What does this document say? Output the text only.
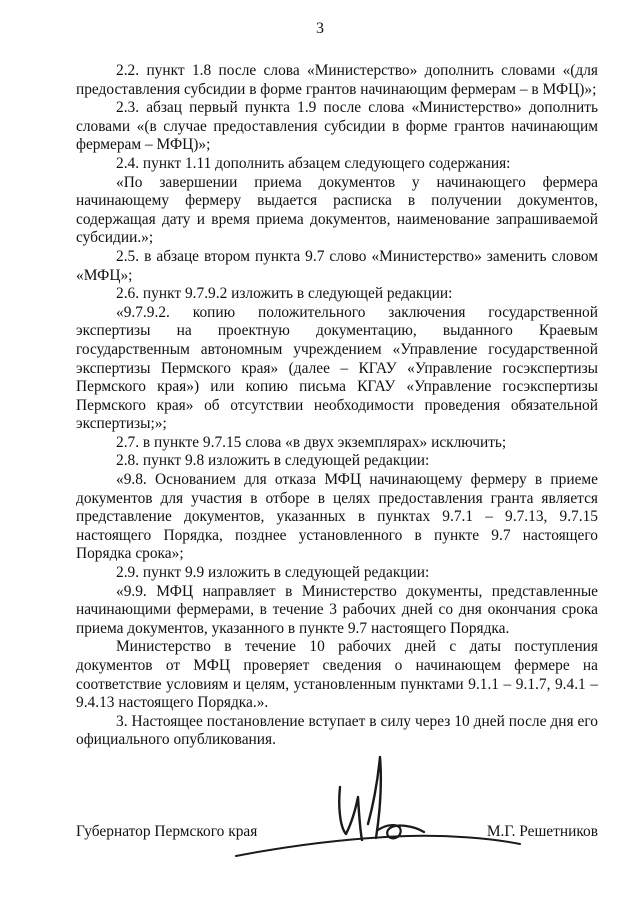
3

2.2. пункт 1.8 после слова «Министерство» дополнить словами «(для предоставления субсидии в форме грантов начинающим фермерам – в МФЦ)»;

2.3. абзац первый пункта 1.9 после слова «Министерство» дополнить словами «(в случае предоставления субсидии в форме грантов начинающим фермерам – МФЦ)»;

2.4. пункт 1.11 дополнить абзацем следующего содержания:

«По завершении приема документов у начинающего фермера начинающему фермеру выдается расписка в получении документов, содержащая дату и время приема документов, наименование запрашиваемой субсидии.»;

2.5. в абзаце втором пункта 9.7 слово «Министерство» заменить словом «МФЦ»;

2.6. пункт 9.7.9.2 изложить в следующей редакции:

«9.7.9.2. копию положительного заключения государственной экспертизы на проектную документацию, выданного Краевым государственным автономным учреждением «Управление государственной экспертизы Пермского края» (далее – КГАУ «Управление госэкспертизы Пермского края») или копию письма КГАУ «Управление госэкспертизы Пермского края» об отсутствии необходимости проведения обязательной экспертизы;»;

2.7. в пункте 9.7.15 слова «в двух экземплярах» исключить;

2.8. пункт 9.8 изложить в следующей редакции:

«9.8. Основанием для отказа МФЦ начинающему фермеру в приеме документов для участия в отборе в целях предоставления гранта является представление документов, указанных в пунктах 9.7.1 – 9.7.13, 9.7.15 настоящего Порядка, позднее установленного в пункте 9.7 настоящего Порядка срока»;

2.9. пункт 9.9 изложить в следующей редакции:

«9.9. МФЦ направляет в Министерство документы, представленные начинающими фермерами, в течение 3 рабочих дней со дня окончания срока приема документов, указанного в пункте 9.7 настоящего Порядка.

Министерство в течение 10 рабочих дней с даты поступления документов от МФЦ проверяет сведения о начинающем фермере на соответствие условиям и целям, установленным пунктами 9.1.1 – 9.1.7, 9.4.1 – 9.4.13 настоящего Порядка.».

3. Настоящее постановление вступает в силу через 10 дней после дня его официального опубликования.

Губернатор Пермского края	М.Г. Решетников
